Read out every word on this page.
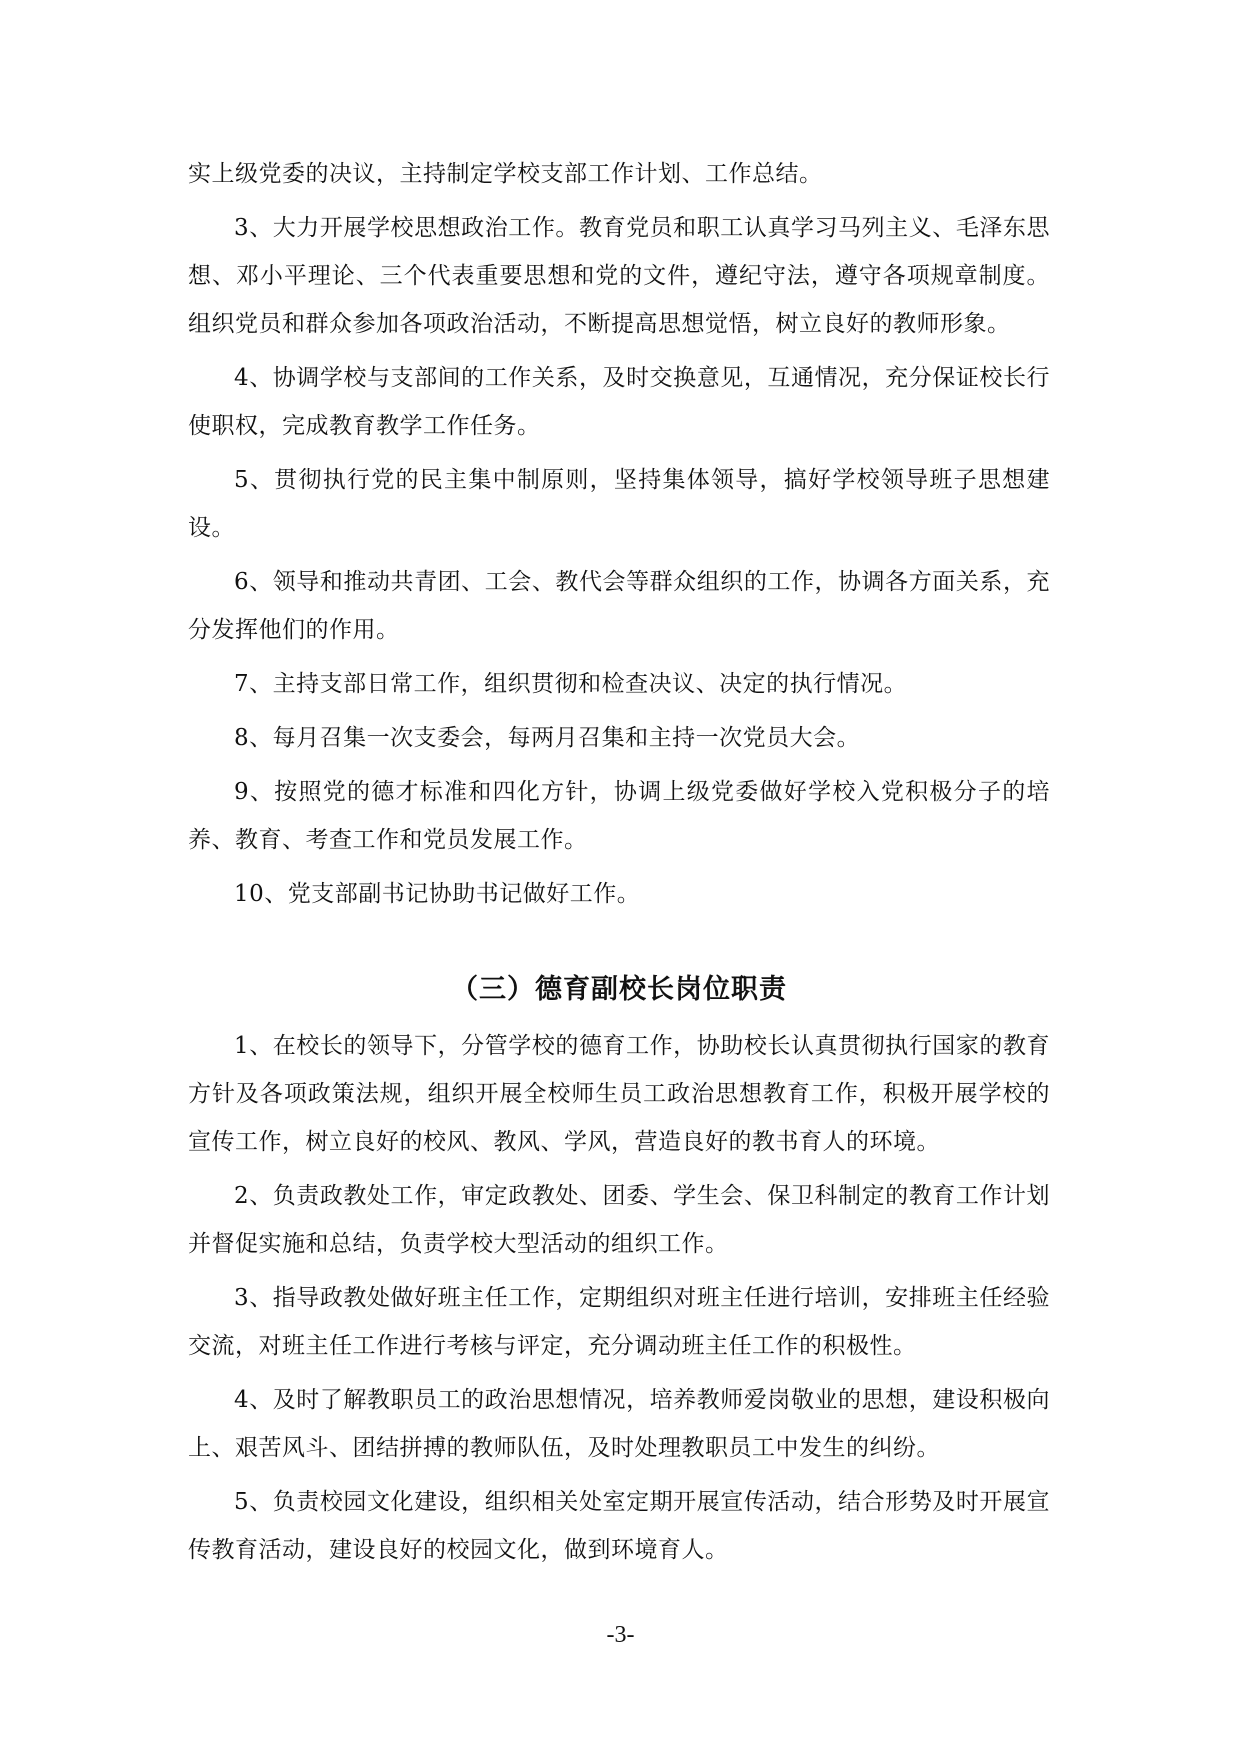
实上级党委的决议，主持制定学校支部工作计划、工作总结。

3、大力开展学校思想政治工作。教育党员和职工认真学习马列主义、毛泽东思想、邓小平理论、三个代表重要思想和党的文件，遵纪守法，遵守各项规章制度。组织党员和群众参加各项政治活动，不断提高思想觉悟，树立良好的教师形象。

4、协调学校与支部间的工作关系，及时交换意见，互通情况，充分保证校长行使职权，完成教育教学工作任务。

5、贯彻执行党的民主集中制原则，坚持集体领导，搞好学校领导班子思想建设。

6、领导和推动共青团、工会、教代会等群众组织的工作，协调各方面关系，充分发挥他们的作用。

7、主持支部日常工作，组织贯彻和检查决议、决定的执行情况。

8、每月召集一次支委会，每两月召集和主持一次党员大会。

9、按照党的德才标准和四化方针，协调上级党委做好学校入党积极分子的培养、教育、考查工作和党员发展工作。

10、党支部副书记协助书记做好工作。

（三）德育副校长岗位职责

1、在校长的领导下，分管学校的德育工作，协助校长认真贯彻执行国家的教育方针及各项政策法规，组织开展全校师生员工政治思想教育工作，积极开展学校的宣传工作，树立良好的校风、教风、学风，营造良好的教书育人的环境。

2、负责政教处工作，审定政教处、团委、学生会、保卫科制定的教育工作计划并督促实施和总结，负责学校大型活动的组织工作。

3、指导政教处做好班主任工作，定期组织对班主任进行培训，安排班主任经验交流，对班主任工作进行考核与评定，充分调动班主任工作的积极性。

4、及时了解教职员工的政治思想情况，培养教师爱岗敬业的思想，建设积极向上、艰苦风斗、团结拼搏的教师队伍，及时处理教职员工中发生的纠纷。

5、负责校园文化建设，组织相关处室定期开展宣传活动，结合形势及时开展宣传教育活动，建设良好的校园文化，做到环境育人。

-3-
